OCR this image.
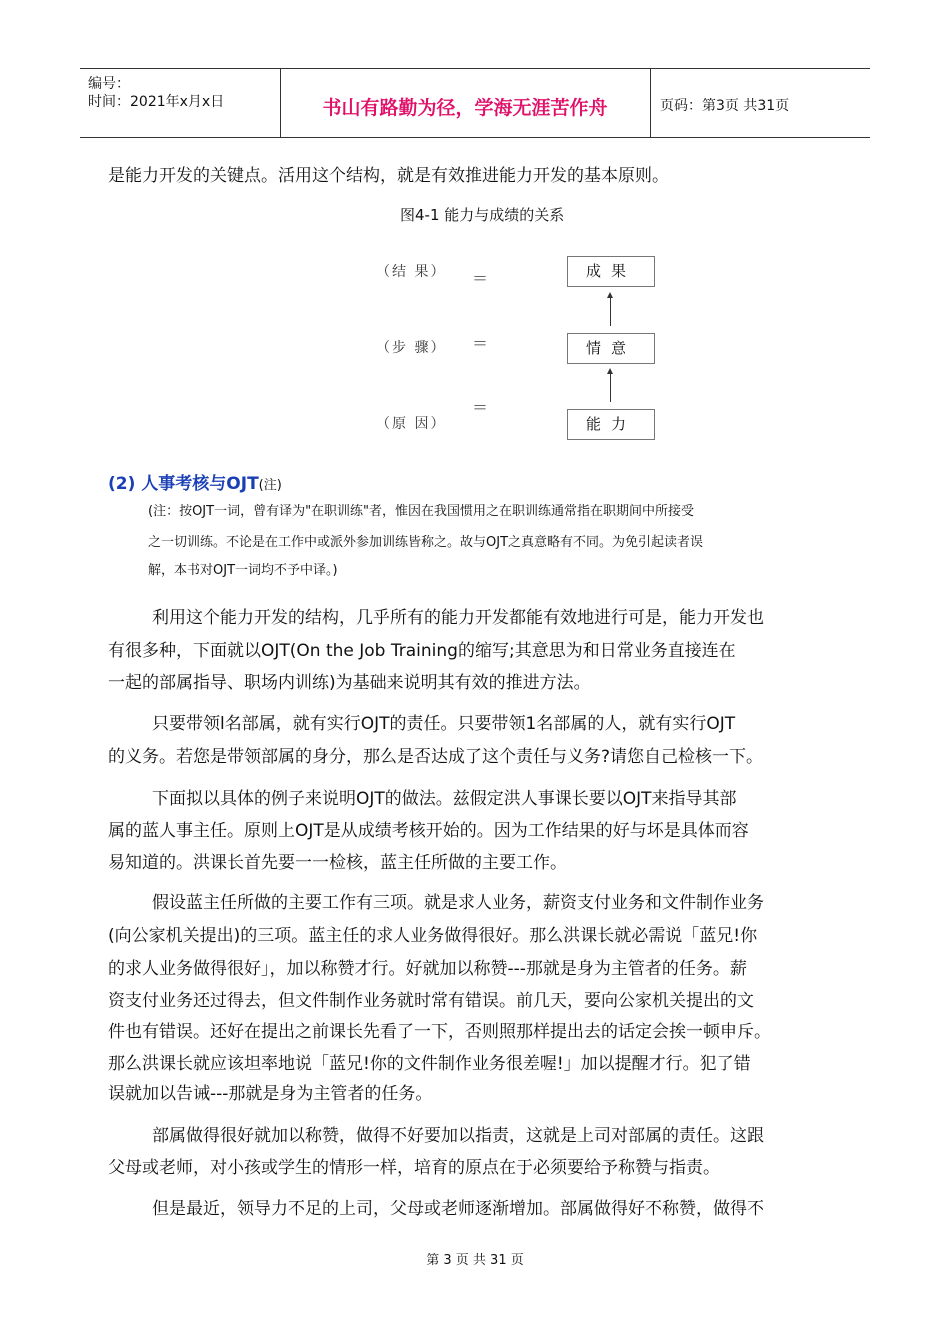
编号：
时间：2021年x月x日	书山有路勤为径，学海无涯苦作舟	页码：第3页 共31页
是能力开发的关键点。活用这个结构，就是有效推进能力开发的基本原则。
图4-1 能力与成绩的关系
（结 果）
（步 骤）
（原 因）
＝
＝
＝
成果
情意
能力
(2) 人事考核与OJT(注)
(注：按OJT一词，曾有译为"在职训练"者，惟因在我国惯用之在职训练通常指在职期间中所接受
之一切训练。不论是在工作中或派外参加训练皆称之。故与OJT之真意略有不同。为免引起读者误
解，本书对OJT一词均不予中译。)
利用这个能力开发的结构，几乎所有的能力开发都能有效地进行可是，能力开发也
有很多种，下面就以OJT(On the Job Training的缩写;其意思为和日常业务直接连在
一起的部属指导、职场内训练)为基础来说明其有效的推进方法。
只要带领l名部属，就有实行OJT的责任。只要带领1名部属的人，就有实行OJT
的义务。若您是带领部属的身分，那么是否达成了这个责任与义务?请您自己检核一下。
下面拟以具体的例子来说明OJT的做法。兹假定洪人事课长要以OJT来指导其部
属的蓝人事主任。原则上OJT是从成绩考核开始的。因为工作结果的好与坏是具体而容
易知道的。洪课长首先要一一检核，蓝主任所做的主要工作。
假设蓝主任所做的主要工作有三项。就是求人业务，薪资支付业务和文件制作业务
(向公家机关提出)的三项。蓝主任的求人业务做得很好。那么洪课长就必需说「蓝兄!你
的求人业务做得很好」，加以称赞才行。好就加以称赞---那就是身为主管者的任务。薪
资支付业务还过得去，但文件制作业务就时常有错误。前几天，要向公家机关提出的文
件也有错误。还好在提出之前课长先看了一下，否则照那样提出去的话定会挨一顿申斥。
那么洪课长就应该坦率地说「蓝兄!你的文件制作业务很差喔!」加以提醒才行。犯了错
误就加以告诫---那就是身为主管者的任务。
部属做得很好就加以称赞，做得不好要加以指责，这就是上司对部属的责任。这跟
父母或老师，对小孩或学生的情形一样，培育的原点在于必须要给予称赞与指责。
但是最近，领导力不足的上司，父母或老师逐渐增加。部属做得好不称赞，做得不
第 3 页 共 31 页
